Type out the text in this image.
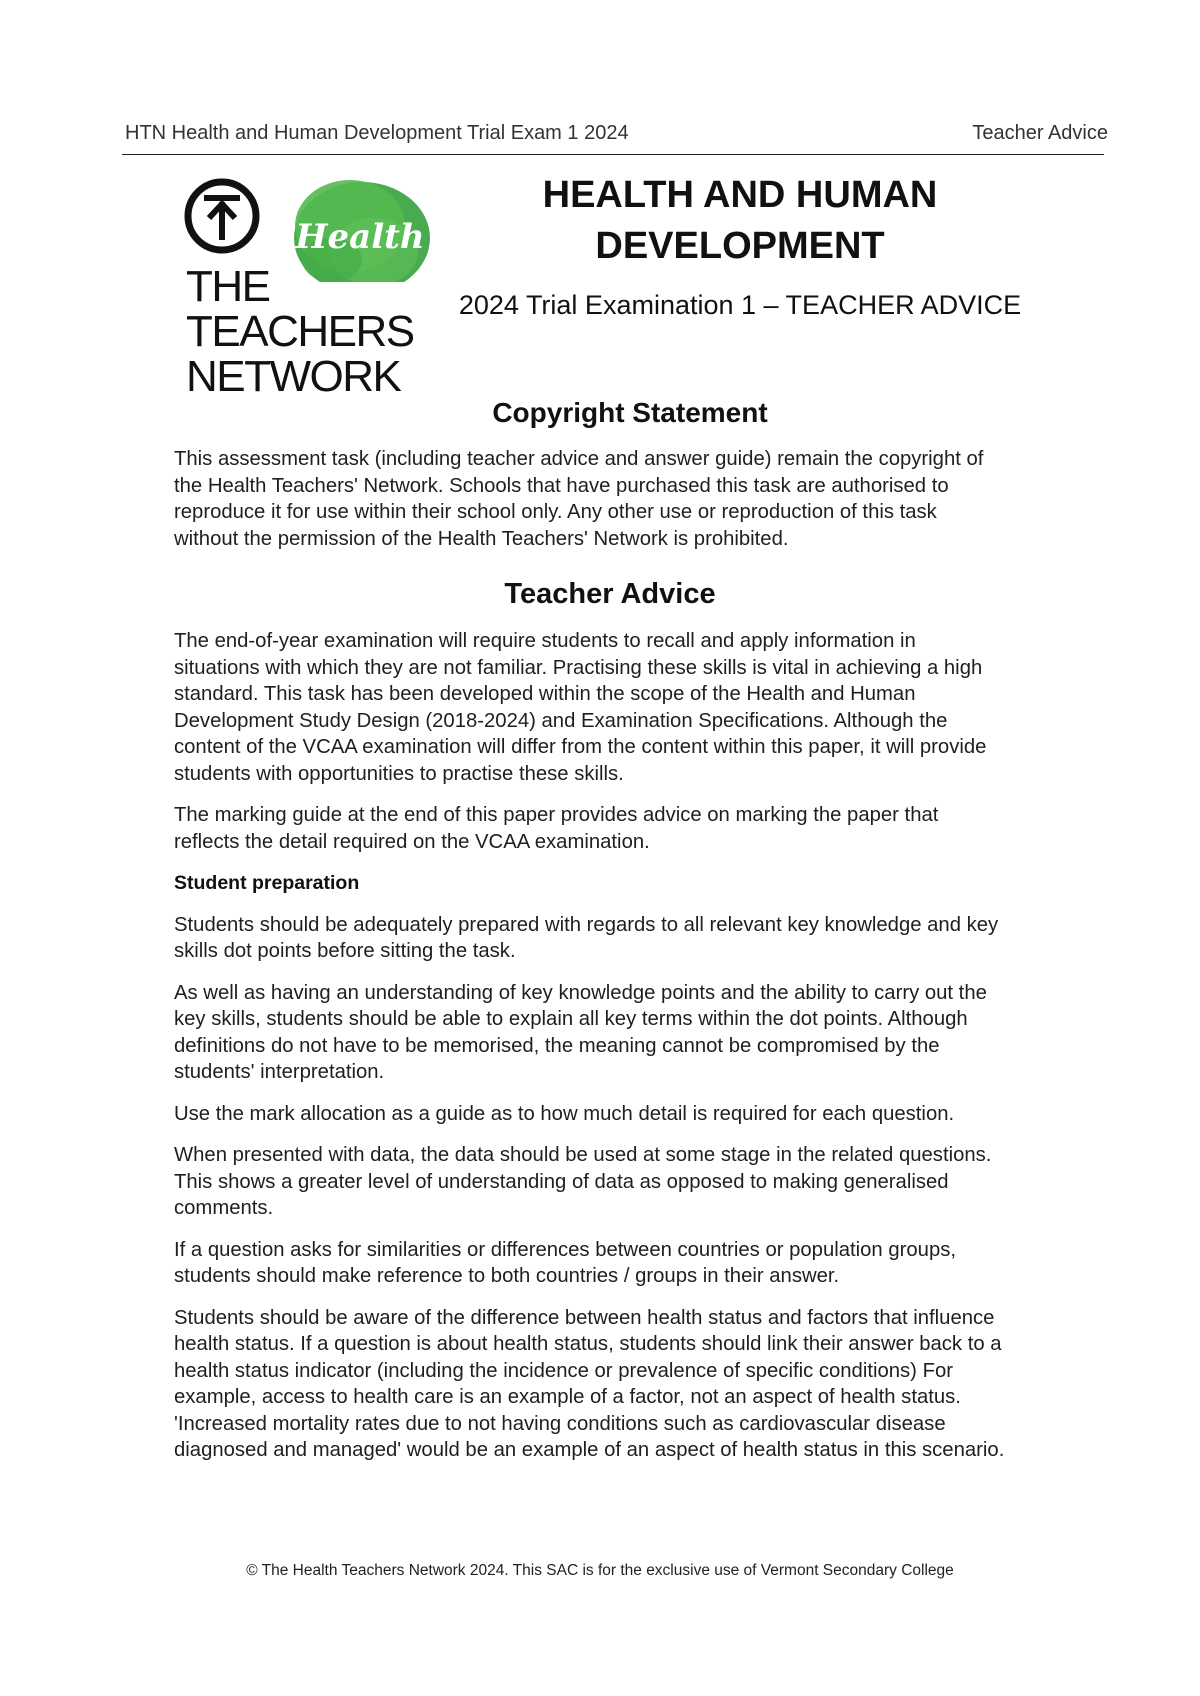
HTN Health and Human Development Trial Exam 1 2024	Teacher Advice
Health
THE
TEACHERS
NETWORK
HEALTH AND HUMAN
DEVELOPMENT
2024 Trial Examination 1 – TEACHER ADVICE
Copyright Statement
This assessment task (including teacher advice and answer guide) remain the copyright of
the Health Teachers' Network. Schools that have purchased this task are authorised to
reproduce it for use within their school only. Any other use or reproduction of this task
without the permission of the Health Teachers' Network is prohibited.
Teacher Advice
The end-of-year examination will require students to recall and apply information in
situations with which they are not familiar. Practising these skills is vital in achieving a high
standard. This task has been developed within the scope of the Health and Human
Development Study Design (2018-2024) and Examination Specifications. Although the
content of the VCAA examination will differ from the content within this paper, it will provide
students with opportunities to practise these skills.
The marking guide at the end of this paper provides advice on marking the paper that
reflects the detail required on the VCAA examination.
Student preparation
Students should be adequately prepared with regards to all relevant key knowledge and key
skills dot points before sitting the task.
As well as having an understanding of key knowledge points and the ability to carry out the
key skills, students should be able to explain all key terms within the dot points. Although
definitions do not have to be memorised, the meaning cannot be compromised by the
students' interpretation.
Use the mark allocation as a guide as to how much detail is required for each question.
When presented with data, the data should be used at some stage in the related questions.
This shows a greater level of understanding of data as opposed to making generalised
comments.
If a question asks for similarities or differences between countries or population groups,
students should make reference to both countries / groups in their answer.
Students should be aware of the difference between health status and factors that influence
health status. If a question is about health status, students should link their answer back to a
health status indicator (including the incidence or prevalence of specific conditions) For
example, access to health care is an example of a factor, not an aspect of health status.
'Increased mortality rates due to not having conditions such as cardiovascular disease
diagnosed and managed' would be an example of an aspect of health status in this scenario.
© The Health Teachers Network 2024. This SAC is for the exclusive use of Vermont Secondary College
